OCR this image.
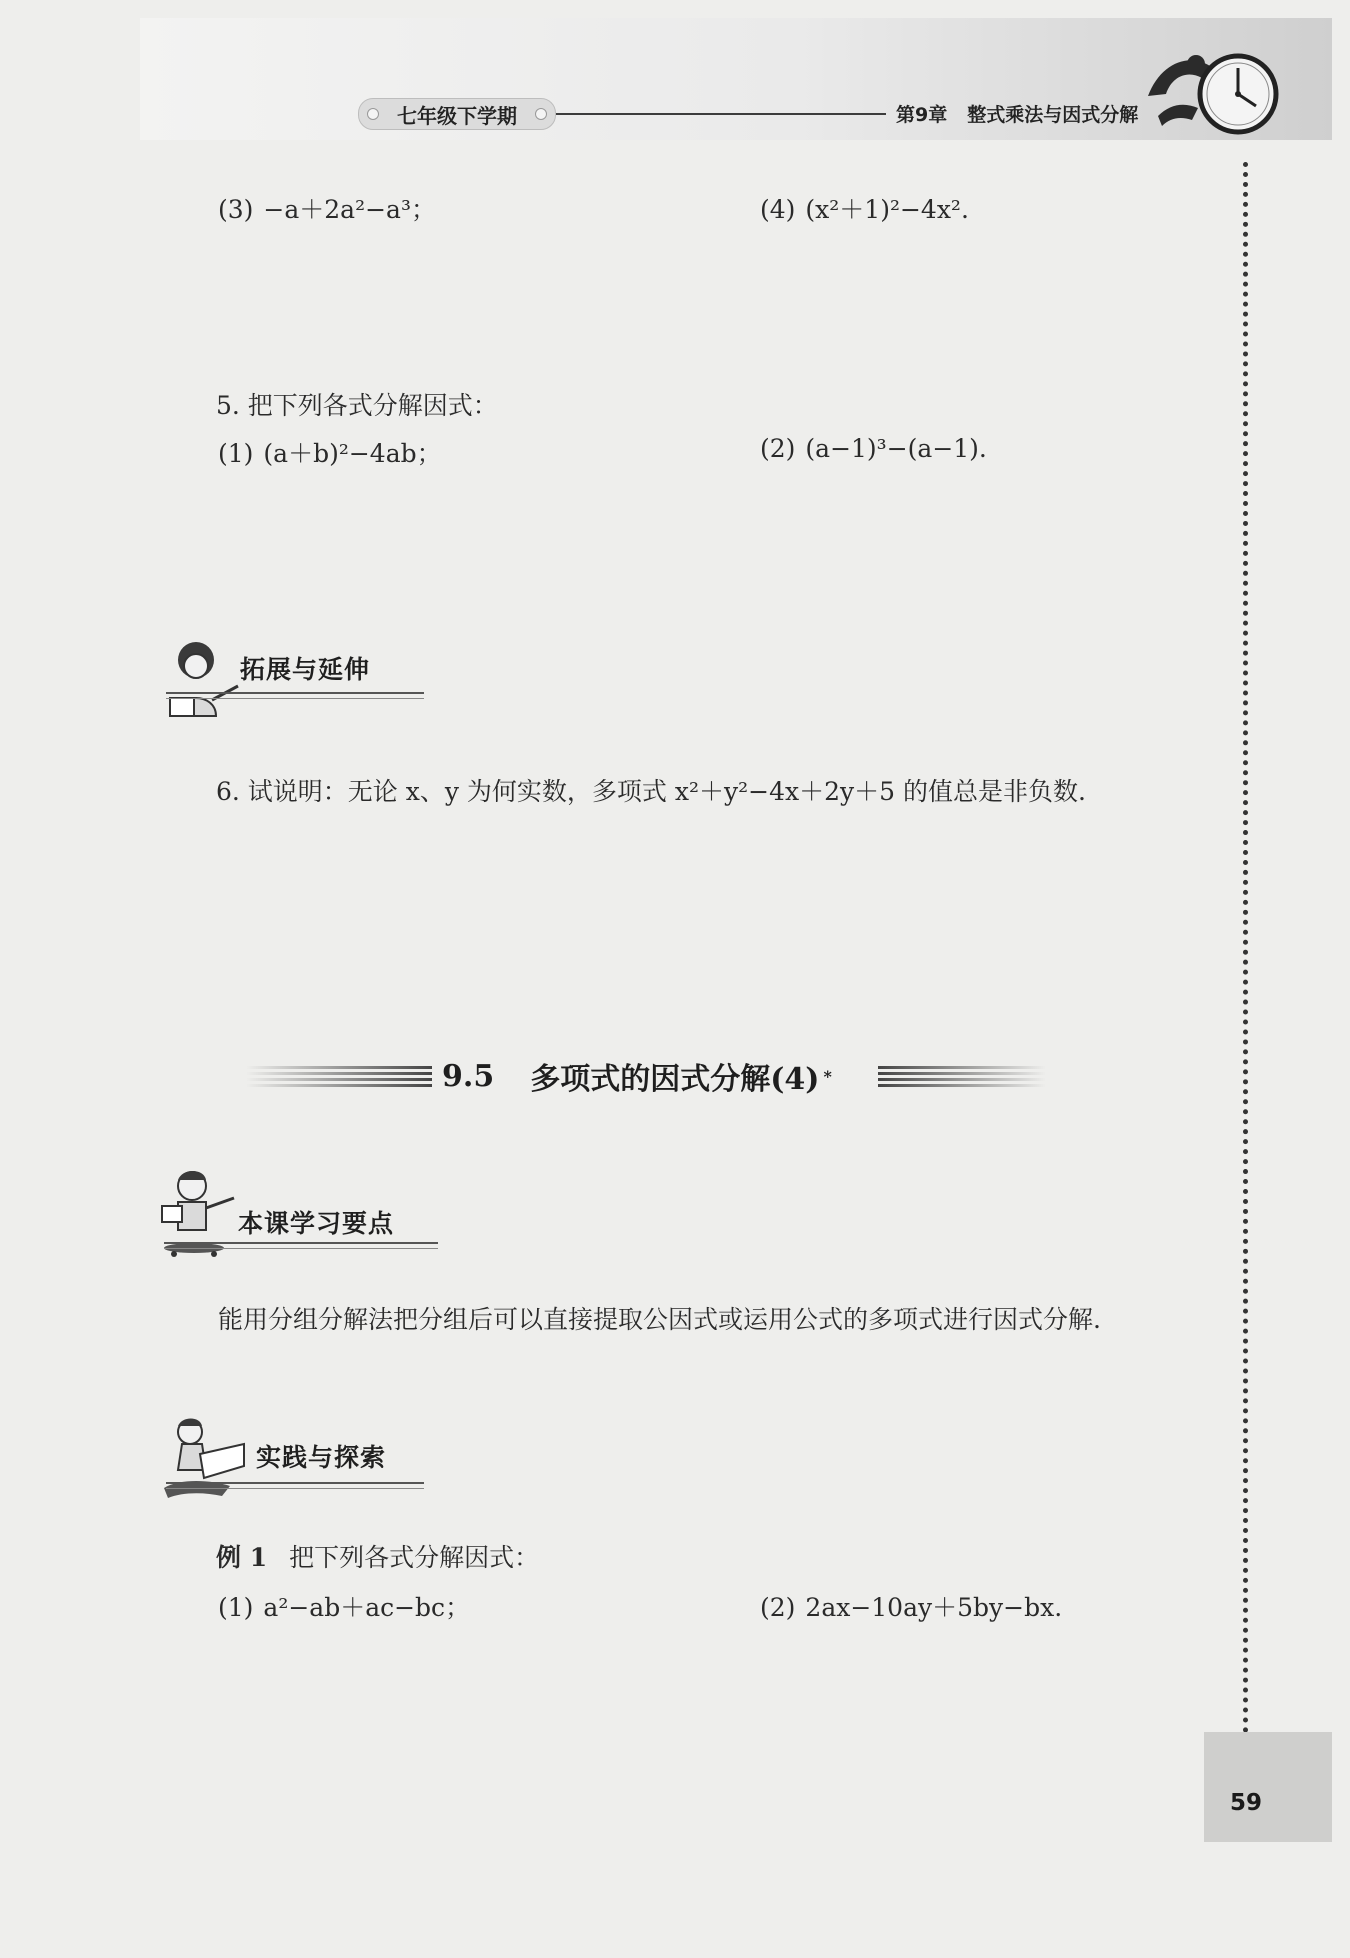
七年级下学期	第9章 整式乘法与因式分解
(3) −a＋2a²−a³；	(4) (x²＋1)²−4x².
5. 把下列各式分解因式：
(1) (a＋b)²−4ab；	(2) (a−1)³−(a−1).
拓展与延伸
6. 试说明：无论 x、y 为何实数，多项式 x²＋y²−4x＋2y＋5 的值总是非负数.
9.5 多项式的因式分解(4) *
本课学习要点
能用分组分解法把分组后可以直接提取公因式或运用公式的多项式进行因式分解.
实践与探索
例 1 把下列各式分解因式：
(1) a²−ab＋ac−bc；	(2) 2ax−10ay＋5by−bx.
59
